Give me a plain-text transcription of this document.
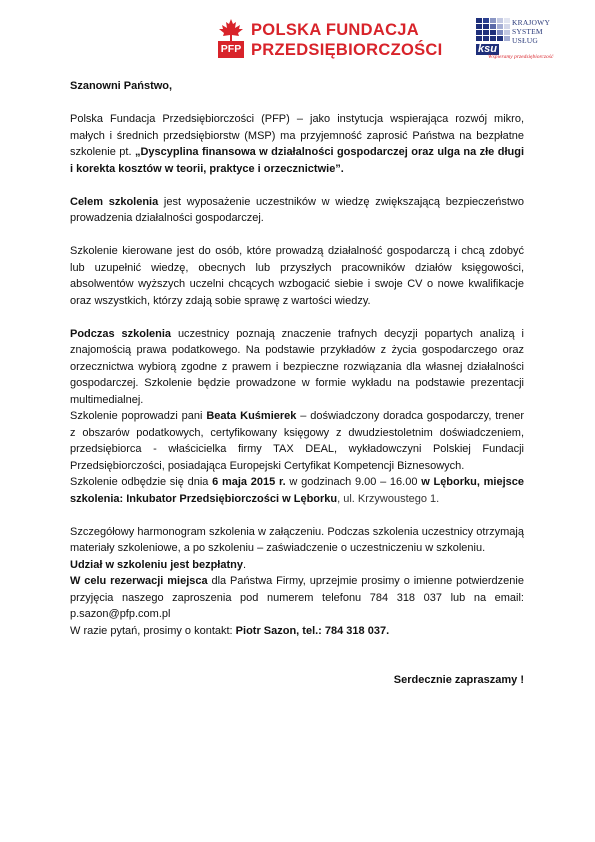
PFP
POLSKA FUNDACJA
PRZEDSIĘBIORCZOŚCI
KRAJOWY
SYSTEM
USŁUG
ksu
Wspieramy przedsiębiorczość

Szanowni Państwo,

Polska Fundacja Przedsiębiorczości (PFP) – jako instytucja wspierająca rozwój mikro, małych i średnich przedsiębiorstw (MSP) ma przyjemność zaprosić Państwa na bezpłatne szkolenie pt. „Dyscyplina finansowa w działalności gospodarczej oraz ulga na złe długi i korekta kosztów w teorii, praktyce i orzecznictwie”.

Celem szkolenia jest wyposażenie uczestników w wiedzę zwiększającą bezpieczeństwo prowadzenia działalności gospodarczej.

Szkolenie kierowane jest do osób, które prowadzą działalność gospodarczą i chcą zdobyć lub uzupełnić wiedzę, obecnych lub przyszłych pracowników działów księgowości, absolwentów wyższych uczelni chcących wzbogacić siebie i swoje CV o nowe kwalifikacje oraz wszystkich, którzy zdają sobie sprawę z wartości wiedzy.

Podczas szkolenia uczestnicy poznają znaczenie trafnych decyzji popartych analizą i znajomością prawa podatkowego. Na podstawie przykładów z życia gospodarczego oraz orzecznictwa wybiorą zgodne z prawem i bezpieczne rozwiązania dla własnej działalności gospodarczej. Szkolenie będzie prowadzone w formie wykładu na podstawie prezentacji multimedialnej.

Szkolenie poprowadzi pani Beata Kuśmierek – doświadczony doradca gospodarczy, trener z obszarów podatkowych, certyfikowany księgowy z dwudziestoletnim doświadczeniem, przedsiębiorca - właścicielka firmy TAX DEAL, wykładowczyni Polskiej Fundacji Przedsiębiorczości, posiadająca Europejski Certyfikat Kompetencji Biznesowych.

Szkolenie odbędzie się dnia 6 maja 2015 r. w godzinach 9.00 – 16.00 w Lęborku, miejsce szkolenia: Inkubator Przedsiębiorczości w Lęborku, ul. Krzywoustego 1.

Szczegółowy harmonogram szkolenia w załączeniu. Podczas szkolenia uczestnicy otrzymają materiały szkoleniowe, a po szkoleniu – zaświadczenie o uczestniczeniu w szkoleniu.

Udział w szkoleniu jest bezpłatny.

W celu rezerwacji miejsca dla Państwa Firmy, uprzejmie prosimy o imienne potwierdzenie przyjęcia naszego zaproszenia pod numerem telefonu 784 318 037 lub na email: p.sazon@pfp.com.pl

W razie pytań, prosimy o kontakt: Piotr Sazon, tel.: 784 318 037.

Serdecznie zapraszamy !
